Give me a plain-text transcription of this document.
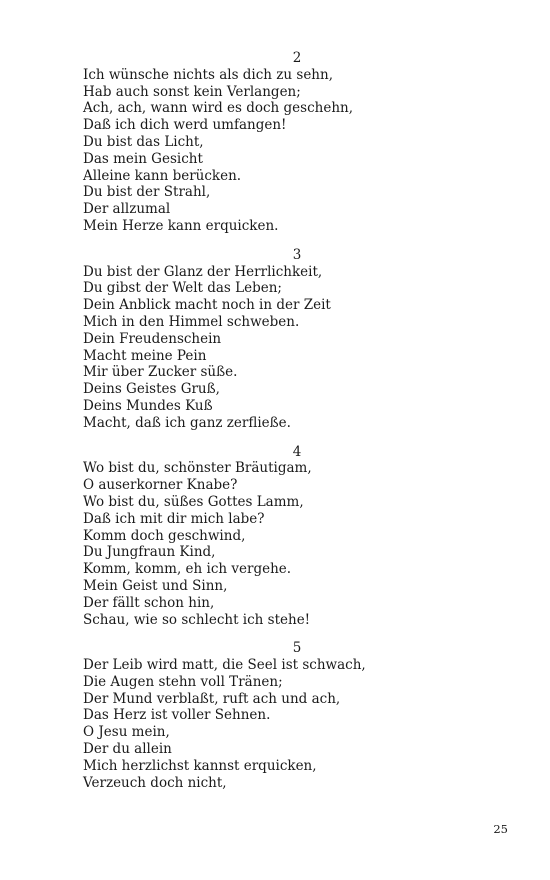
2
Ich wünsche nichts als dich zu sehn,
Hab auch sonst kein Verlangen;
Ach, ach, wann wird es doch geschehn,
Daß ich dich werd umfangen!
Du bist das Licht,
Das mein Gesicht
Alleine kann berücken.
Du bist der Strahl,
Der allzumal
Mein Herze kann erquicken.
3
Du bist der Glanz der Herrlichkeit,
Du gibst der Welt das Leben;
Dein Anblick macht noch in der Zeit
Mich in den Himmel schweben.
Dein Freudenschein
Macht meine Pein
Mir über Zucker süße.
Deins Geistes Gruß,
Deins Mundes Kuß
Macht, daß ich ganz zerfließe.
4
Wo bist du, schönster Bräutigam,
O auserkorner Knabe?
Wo bist du, süßes Gottes Lamm,
Daß ich mit dir mich labe?
Komm doch geschwind,
Du Jungfraun Kind,
Komm, komm, eh ich vergehe.
Mein Geist und Sinn,
Der fällt schon hin,
Schau, wie so schlecht ich stehe!
5
Der Leib wird matt, die Seel ist schwach,
Die Augen stehn voll Tränen;
Der Mund verblaßt, ruft ach und ach,
Das Herz ist voller Sehnen.
O Jesu mein,
Der du allein
Mich herzlichst kannst erquicken,
Verzeuch doch nicht,
25
